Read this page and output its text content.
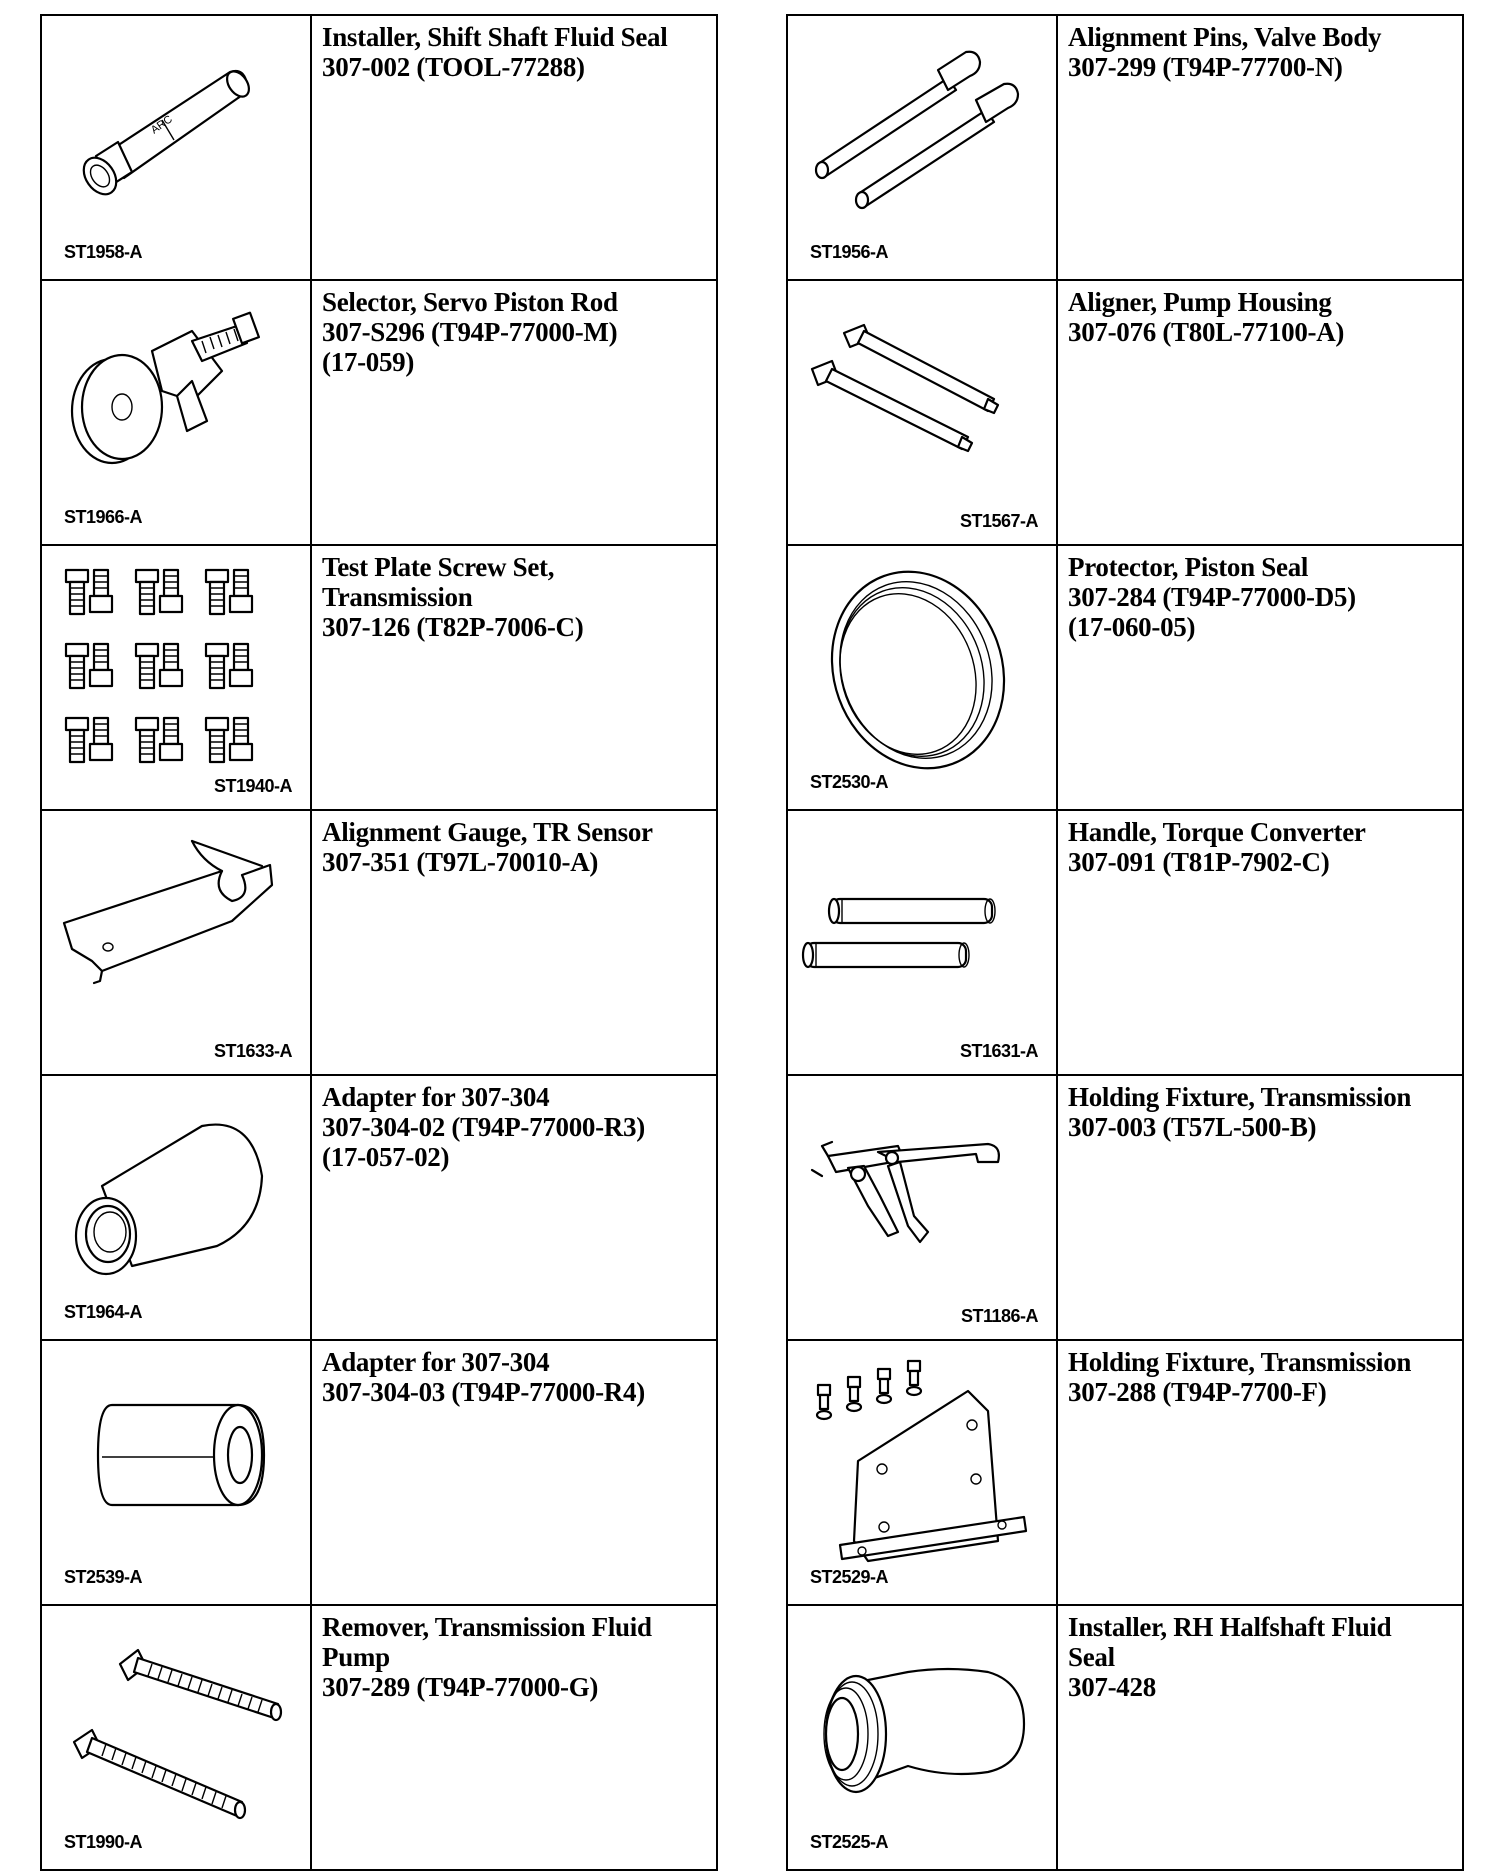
ARC
ST1958-A	Installer, Shift Shaft Fluid Seal
307-002 (TOOL-77288)

ST1966-A	Selector, Servo Piston Rod
307-S296 (T94P-77000-M)
(17-059)

ST1940-A	Test Plate Screw Set,
Transmission
307-126 (T82P-7006-C)

ST1633-A	Alignment Gauge, TR Sensor
307-351 (T97L-70010-A)

ST1964-A	Adapter for 307-304
307-304-02 (T94P-77000-R3)
(17-057-02)

ST2539-A	Adapter for 307-304
307-304-03 (T94P-77000-R4)

ST1990-A	Remover, Transmission Fluid
Pump
307-289 (T94P-77000-G)
ST1956-A	Alignment Pins, Valve Body
307-299 (T94P-77700-N)

ST1567-A	Aligner, Pump Housing
307-076 (T80L-77100-A)

ST2530-A	Protector, Piston Seal
307-284 (T94P-77000-D5)
(17-060-05)

ST1631-A	Handle, Torque Converter
307-091 (T81P-7902-C)

ST1186-A	Holding Fixture, Transmission
307-003 (T57L-500-B)

ST2529-A	Holding Fixture, Transmission
307-288 (T94P-7700-F)

ST2525-A	Installer, RH Halfshaft Fluid
Seal
307-428
